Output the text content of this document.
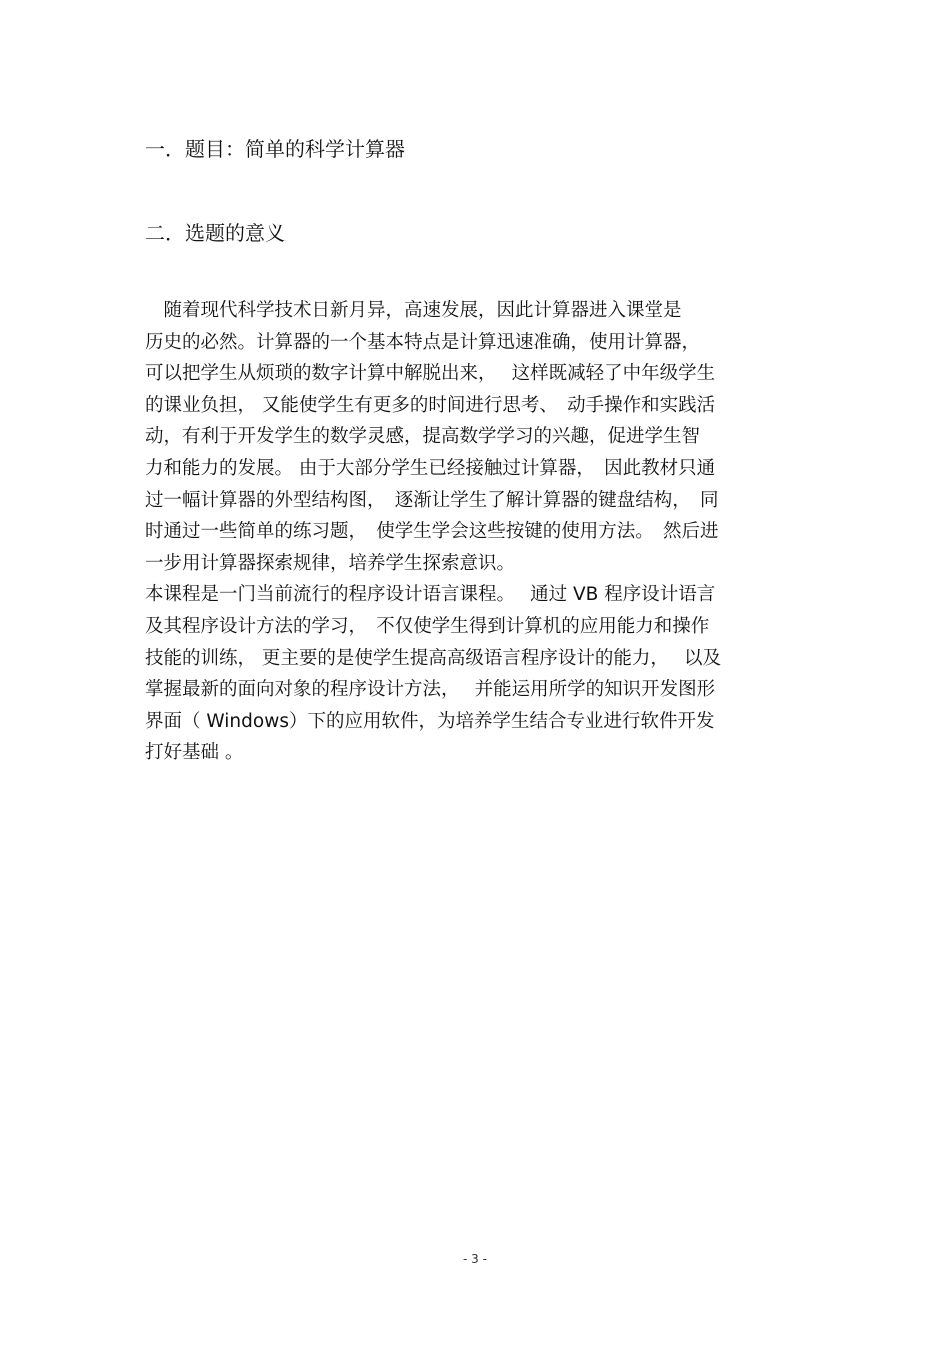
一．题目：简单的科学计算器
二．选题的意义
　随着现代科学技术日新月异，高速发展，因此计算器进入课堂是
历史的必然。计算器的一个基本特点是计算迅速准确，使用计算器，
可以把学生从烦琐的数字计算中解脱出来，　 这样既减轻了中年级学生
的课业负担， 又能使学生有更多的时间进行思考、　动手操作和实践活
动，有利于开发学生的数学灵感，提高数学学习的兴趣，促进学生智
力和能力的发展。 由于大部分学生已经接触过计算器，　因此教材只通
过一幅计算器的外型结构图，　逐渐让学生了解计算器的键盘结构，　同
时通过一些简单的练习题，　使学生学会这些按键的使用方法。　然后进
一步用计算器探索规律，培养学生探索意识。
本课程是一门当前流行的程序设计语言课程。　 通过 VB 程序设计语言
及其程序设计方法的学习，　不仅使学生得到计算机的应用能力和操作
技能的训练， 更主要的是使学生提高高级语言程序设计的能力，　 以及
掌握最新的面向对象的程序设计方法，　 并能运用所学的知识开发图形
界面（ Windows）下的应用软件，为培养学生结合专业进行软件开发
打好基础 。
- 3 -
